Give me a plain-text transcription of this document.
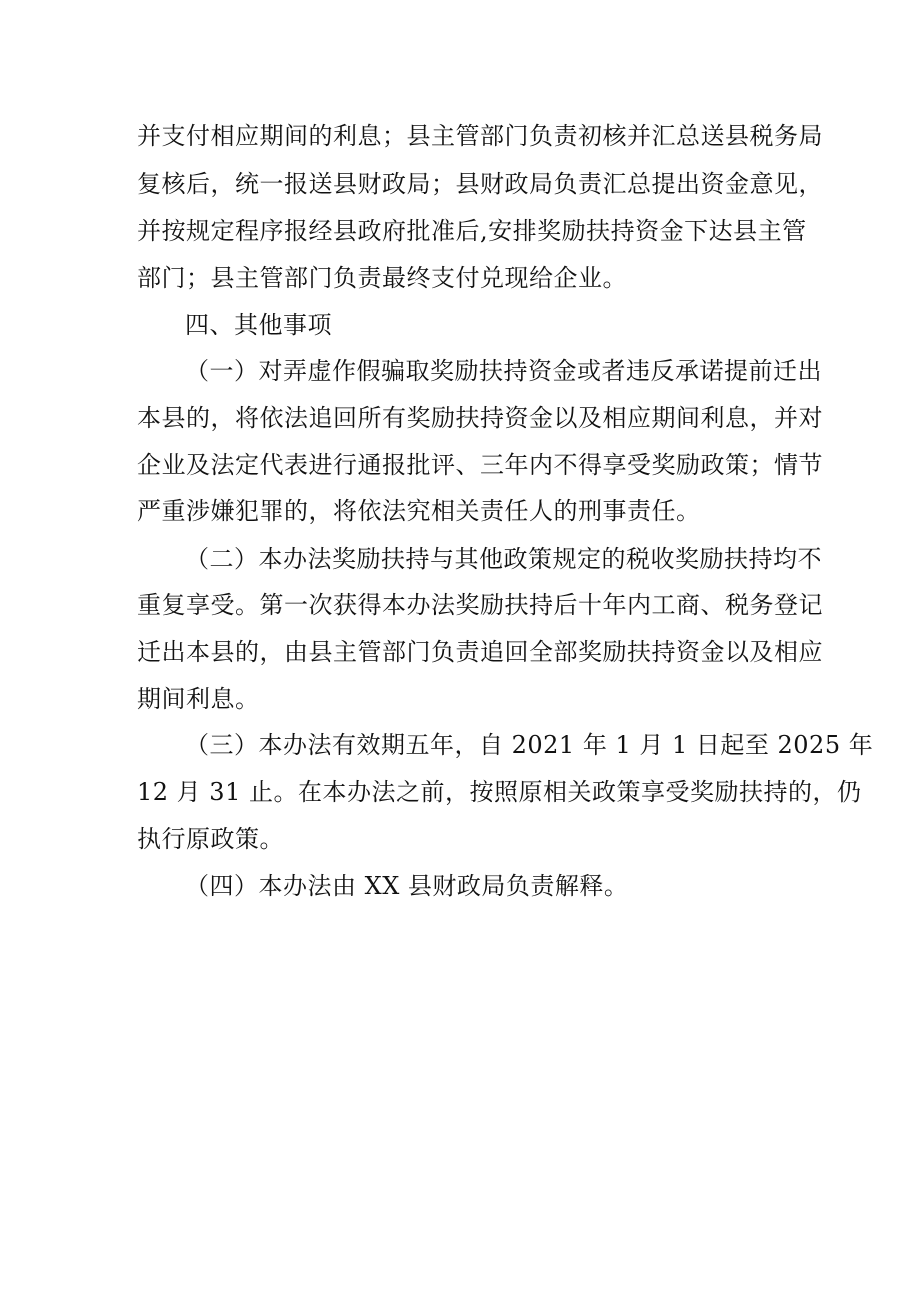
并支付相应期间的利息；县主管部门负责初核并汇总送县税务局
复核后，统一报送县财政局；县财政局负责汇总提出资金意见，
并按规定程序报经县政府批准后,安排奖励扶持资金下达县主管
部门；县主管部门负责最终支付兑现给企业。
四、其他事项
（一）对弄虚作假骗取奖励扶持资金或者违反承诺提前迁出
本县的，将依法追回所有奖励扶持资金以及相应期间利息，并对
企业及法定代表进行通报批评、三年内不得享受奖励政策；情节
严重涉嫌犯罪的，将依法究相关责任人的刑事责任。
（二）本办法奖励扶持与其他政策规定的税收奖励扶持均不
重复享受。第一次获得本办法奖励扶持后十年内工商、税务登记
迁出本县的，由县主管部门负责追回全部奖励扶持资金以及相应
期间利息。
（三）本办法有效期五年，自 2021 年 1 月 1 日起至 2025 年
12 月 31 止。在本办法之前，按照原相关政策享受奖励扶持的，仍
执行原政策。
（四）本办法由 XX 县财政局负责解释。
